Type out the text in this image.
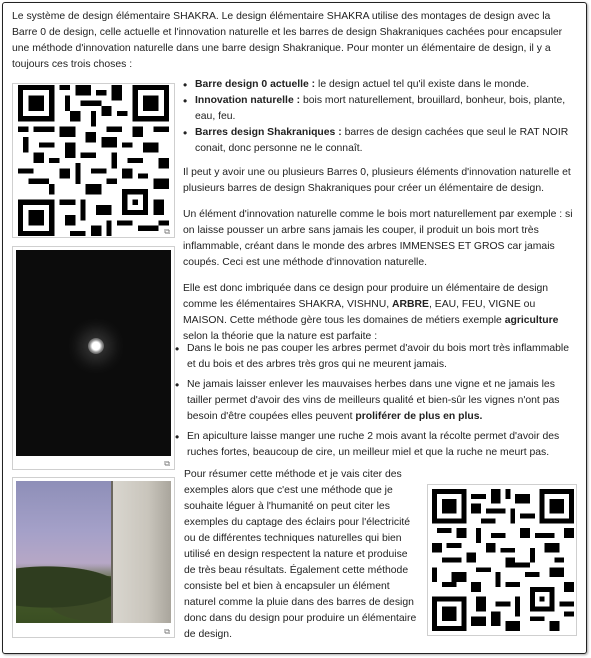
Le système de design élémentaire SHAKRA. Le design élémentaire SHAKRA utilise des montages de design avec la Barre 0 de design, celle actuelle et l'innovation naturelle et les barres de design Shakraniques cachées pour encapsuler une méthode d'innovation naturelle dans une barre design Shakranique. Pour monter un élémentaire de design, il y a toujours ces trois choses :

⧉
⧉
⧉
• Barre design 0 actuelle : le design actuel tel qu'il existe dans le monde.
• Innovation naturelle : bois mort naturellement, brouillard, bonheur, bois, plante, eau, feu.
• Barres design Shakraniques : barres de design cachées que seul le RAT NOIR conait, donc personne ne le connaît.

Il peut y avoir une ou plusieurs Barres 0, plusieurs éléments d'innovation naturelle et plusieurs barres de design Shakraniques pour créer un élémentaire de design.

Un élément d'innovation naturelle comme le bois mort naturellement par exemple : si on laisse pousser un arbre sans jamais les couper, il produit un bois mort très inflammable, créant dans le monde des arbres IMMENSES ET GROS car jamais coupés. Ceci est une méthode d'innovation naturelle.

Elle est donc imbriquée dans ce design pour produire un élémentaire de design comme les élémentaires SHAKRA, VISHNU, ARBRE, EAU, FEU, VIGNE ou MAISON. Cette méthode gère tous les domaines de métiers exemple agriculture selon la théorie que la nature est parfaite :

• Dans le bois ne pas couper les arbres permet d'avoir du bois mort très inflammable et du bois et des arbres très gros qui ne meurent jamais.
• Ne jamais laisser enlever les mauvaises herbes dans une vigne et ne jamais les tailler permet d'avoir des vins de meilleurs qualité et bien-sûr les vignes n'ont pas besoin d'être coupées elles peuvent proliférer de plus en plus.
• En apiculture laisse manger une ruche 2 mois avant la récolte permet d'avoir des ruches fortes, beaucoup de cire, un meilleur miel et que la ruche ne meurt pas.

Pour résumer cette méthode et je vais citer des exemples alors que c'est une méthode que je souhaite léguer à l'humanité on peut citer les exemples du captage des éclairs pour l'électricité ou de différentes techniques naturelles qui bien utilisé en design respectent la nature et produise de très beau résultats. Également cette méthode consiste bel et bien à encapsuler un élément naturel comme la pluie dans des barres de design donc dans du design pour produire un élémentaire de design.
